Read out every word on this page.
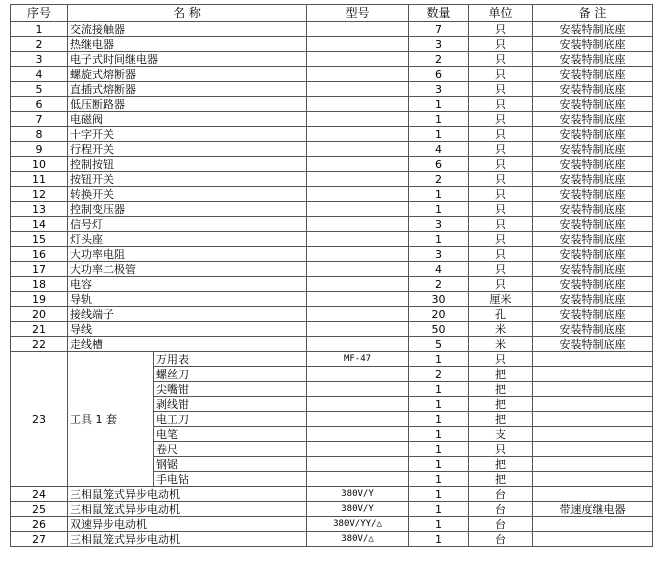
序号	名 称		型号	数量	单位	备 注
1	交流接触器			7	只	安装特制底座
2	热继电器			3	只	安装特制底座
3	电子式时间继电器			2	只	安装特制底座
4	螺旋式熔断器			6	只	安装特制底座
5	直插式熔断器			3	只	安装特制底座
6	低压断路器			1	只	安装特制底座
7	电磁阀			1	只	安装特制底座
8	十字开关			1	只	安装特制底座
9	行程开关			4	只	安装特制底座
10	控制按钮			6	只	安装特制底座
11	按钮开关			2	只	安装特制底座
12	转换开关			1	只	安装特制底座
13	控制变压器			1	只	安装特制底座
14	信号灯			3	只	安装特制底座
15	灯头座			1	只	安装特制底座
16	大功率电阻			3	只	安装特制底座
17	大功率二极管			4	只	安装特制底座
18	电容			2	只	安装特制底座
19	导轨			30	厘米	安装特制底座
20	接线端子			20	孔	安装特制底座
21	导线			50	米	安装特制底座
22	走线槽			5	米	安装特制底座
23	工具 1 套	万用表	MF-47	1	只	
		螺丝刀		2	把	
		尖嘴钳		1	把	
		剥线钳		1	把	
		电工刀		1	把	
		电笔		1	支	
		卷尺		1	只	
		钢锯		1	把	
		手电钻		1	把	
24	三相鼠笼式异步电动机		380V/Y	1	台	
25	三相鼠笼式异步电动机		380V/Y	1	台	带速度继电器
26	双速异步电动机		380V/YY/△	1	台	
27	三相鼠笼式异步电动机		380V/△	1	台	
